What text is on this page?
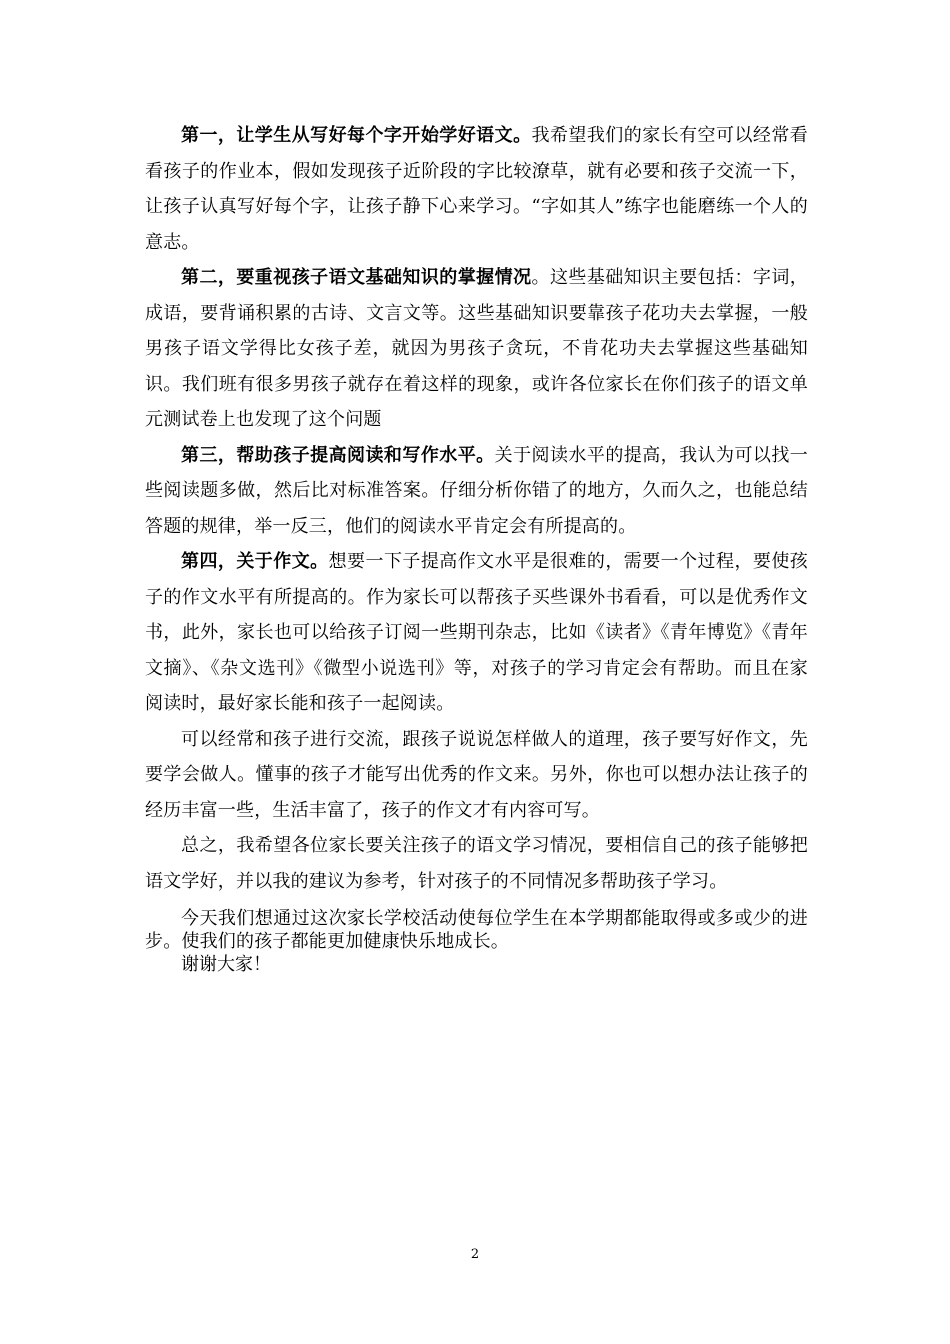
第一，让学生从写好每个字开始学好语文。我希望我们的家长有空可以经常看看孩子的作业本，假如发现孩子近阶段的字比较潦草，就有必要和孩子交流一下，让孩子认真写好每个字，让孩子静下心来学习。“字如其人”练字也能磨练一个人的意志。

第二，要重视孩子语文基础知识的掌握情况。这些基础知识主要包括：字词，成语，要背诵积累的古诗、文言文等。这些基础知识要靠孩子花功夫去掌握，一般男孩子语文学得比女孩子差，就因为男孩子贪玩，不肯花功夫去掌握这些基础知识。我们班有很多男孩子就存在着这样的现象，或许各位家长在你们孩子的语文单元测试卷上也发现了这个问题

第三，帮助孩子提高阅读和写作水平。关于阅读水平的提高，我认为可以找一些阅读题多做，然后比对标准答案。仔细分析你错了的地方，久而久之，也能总结答题的规律，举一反三，他们的阅读水平肯定会有所提高的。

第四，关于作文。想要一下子提高作文水平是很难的，需要一个过程，要使孩子的作文水平有所提高的。作为家长可以帮孩子买些课外书看看，可以是优秀作文书，此外，家长也可以给孩子订阅一些期刊杂志，比如《读者》《青年博览》《青年文摘》、《杂文选刊》《微型小说选刊》等，对孩子的学习肯定会有帮助。而且在家阅读时，最好家长能和孩子一起阅读。

可以经常和孩子进行交流，跟孩子说说怎样做人的道理，孩子要写好作文，先要学会做人。懂事的孩子才能写出优秀的作文来。另外，你也可以想办法让孩子的经历丰富一些，生活丰富了，孩子的作文才有内容可写。

总之，我希望各位家长要关注孩子的语文学习情况，要相信自己的孩子能够把语文学好，并以我的建议为参考，针对孩子的不同情况多帮助孩子学习。

今天我们想通过这次家长学校活动使每位学生在本学期都能取得或多或少的进步。使我们的孩子都能更加健康快乐地成长。

谢谢大家！

2
